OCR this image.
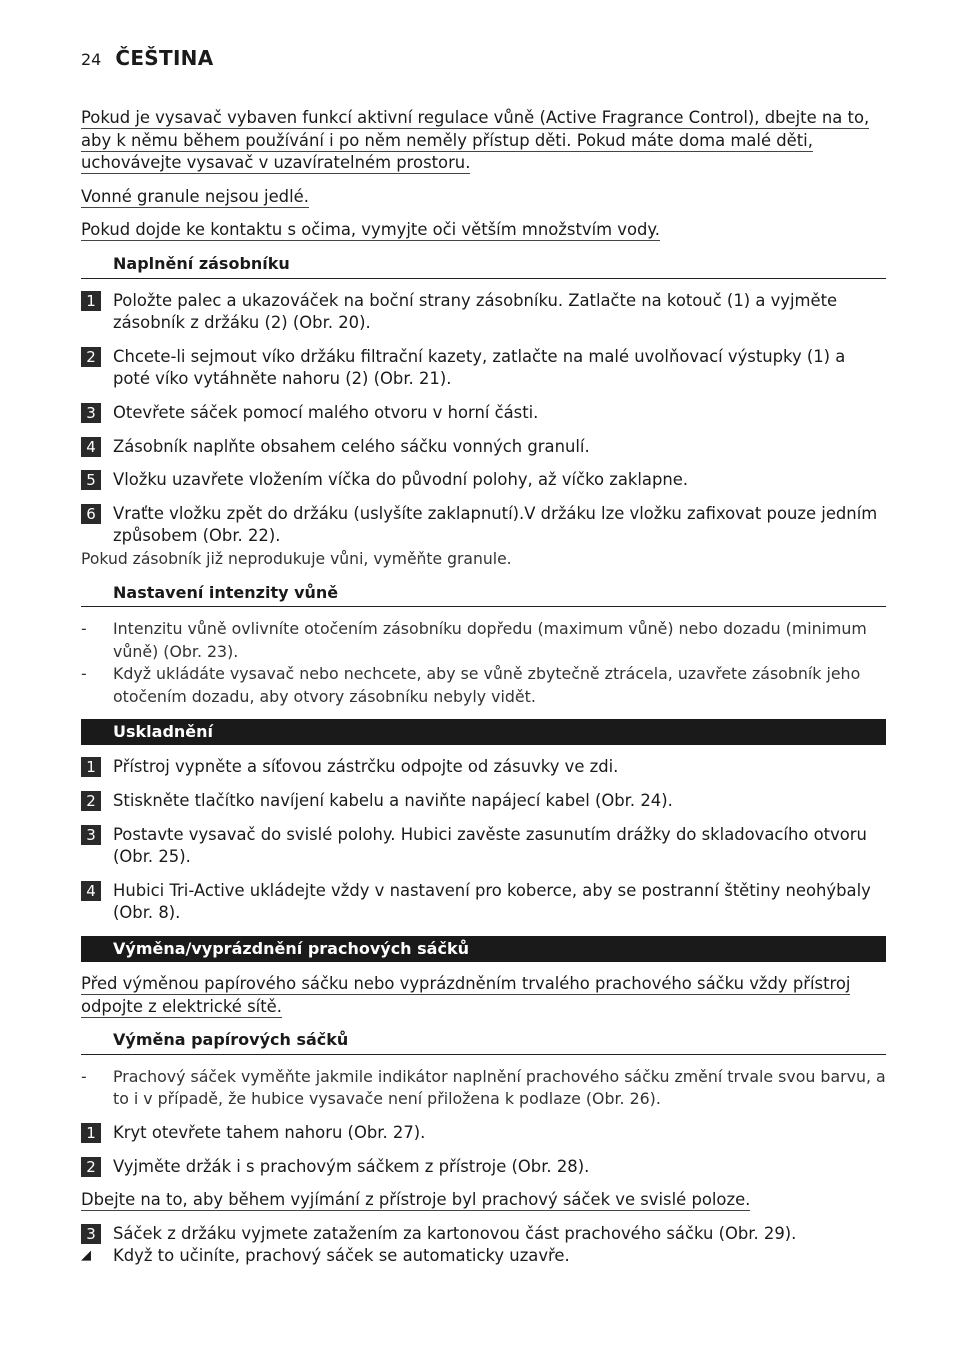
24 ČEŠTINA

Pokud je vysavač vybaven funkcí aktivní regulace vůně (Active Fragrance Control), dbejte na to, aby k němu během používání i po něm neměly přístup děti. Pokud máte doma malé děti, uchovávejte vysavač v uzavíratelném prostoru.

Vonné granule nejsou jedlé.

Pokud dojde ke kontaktu s očima, vymyjte oči větším množstvím vody.

Naplnění zásobníku
1	Položte palec a ukazováček na boční strany zásobníku. Zatlačte na kotouč (1) a vyjměte zásobník z držáku (2) (Obr. 20).
2	Chcete-li sejmout víko držáku filtrační kazety, zatlačte na malé uvolňovací výstupky (1) a poté víko vytáhněte nahoru (2) (Obr. 21).
3	Otevřete sáček pomocí malého otvoru v horní části.
4	Zásobník naplňte obsahem celého sáčku vonných granulí.
5	Vložku uzavřete vložením víčka do původní polohy, až víčko zaklapne.
6	Vraťte vložku zpět do držáku (uslyšíte zaklapnutí).V držáku lze vložku zafixovat pouze jedním způsobem (Obr. 22).

Pokud zásobník již neprodukuje vůni, vyměňte granule.

Nastavení intenzity vůně
-	Intenzitu vůně ovlivníte otočením zásobníku dopředu (maximum vůně) nebo dozadu (minimum vůně) (Obr. 23).
-	Když ukládáte vysavač nebo nechcete, aby se vůně zbytečně ztrácela, uzavřete zásobník jeho otočením dozadu, aby otvory zásobníku nebyly vidět.
Uskladnění
1	Přístroj vypněte a síťovou zástrčku odpojte od zásuvky ve zdi.
2	Stiskněte tlačítko navíjení kabelu a naviňte napájecí kabel (Obr. 24).
3	Postavte vysavač do svislé polohy. Hubici zavěste zasunutím drážky do skladovacího otvoru (Obr. 25).
4	Hubici Tri-Active ukládejte vždy v nastavení pro koberce, aby se postranní štětiny neohýbaly (Obr. 8).
Výměna/vyprázdnění prachových sáčků

Před výměnou papírového sáčku nebo vyprázdněním trvalého prachového sáčku vždy přístroj odpojte z elektrické sítě.

Výměna papírových sáčků
-	Prachový sáček vyměňte jakmile indikátor naplnění prachového sáčku změní trvale svou barvu, a to i v případě, že hubice vysavače není přiložena k podlaze (Obr. 26).
1	Kryt otevřete tahem nahoru (Obr. 27).
2	Vyjměte držák i s prachovým sáčkem z přístroje (Obr. 28).

Dbejte na to, aby během vyjímání z přístroje byl prachový sáček ve svislé poloze.

3	Sáček z držáku vyjmete zatažením za kartonovou část prachového sáčku (Obr. 29).
◢	Když to učiníte, prachový sáček se automaticky uzavře.
